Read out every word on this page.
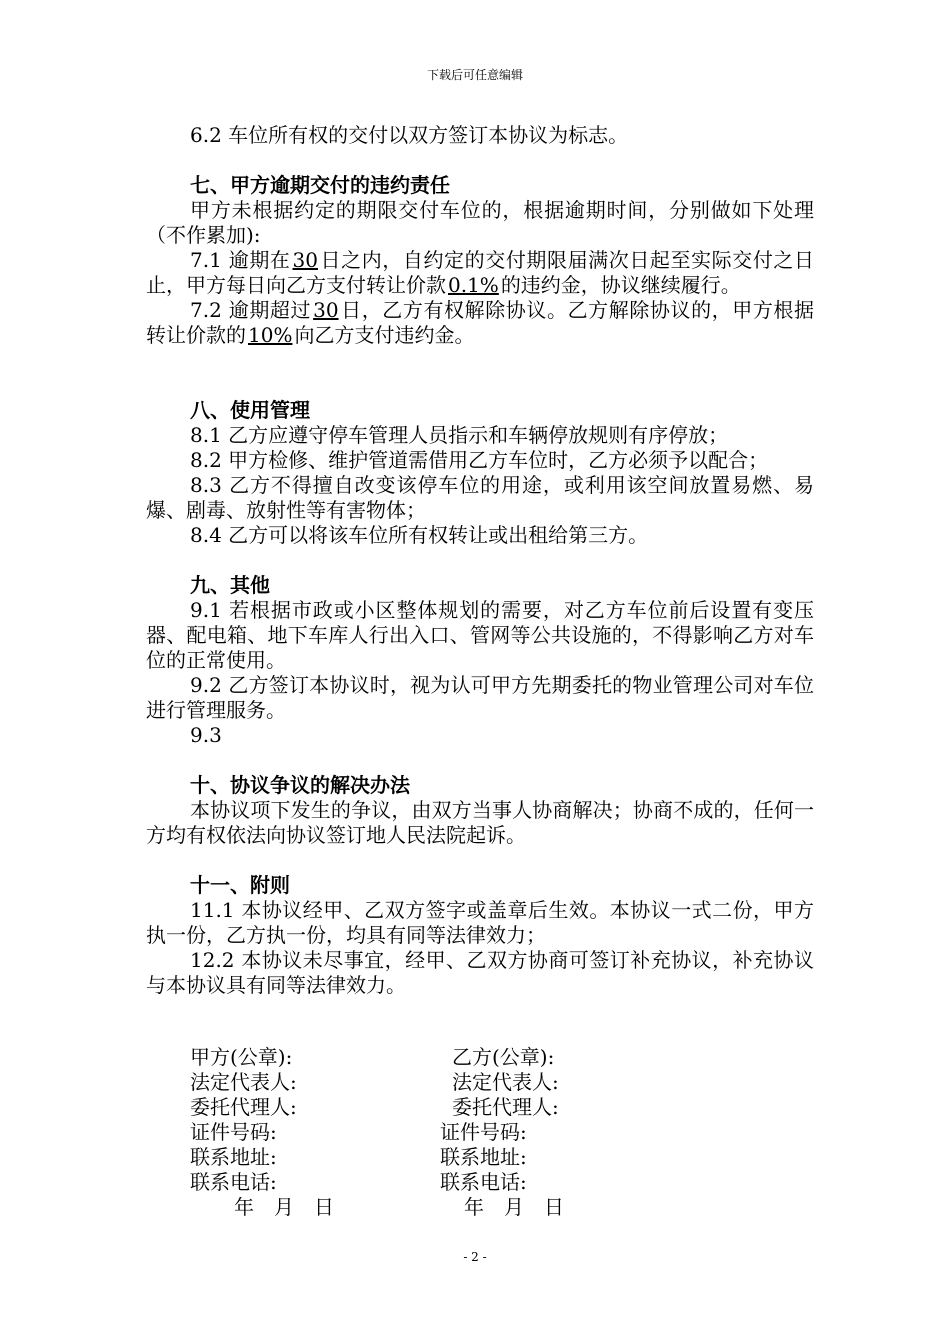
下载后可任意编辑

6.2 车位所有权的交付以双方签订本协议为标志。

七、甲方逾期交付的违约责任

甲方未根据约定的期限交付车位的，根据逾期时间，分别做如下处理（不作累加):

7.1 逾期在 30 日之内，自约定的交付期限届满次日起至实际交付之日止，甲方每日向乙方支付转让价款 0.1% 的违约金，协议继续履行。

7.2 逾期超过 30 日，乙方有权解除协议。乙方解除协议的，甲方根据转让价款的 10% 向乙方支付违约金。

八、使用管理

8.1 乙方应遵守停车管理人员指示和车辆停放规则有序停放；

8.2 甲方检修、维护管道需借用乙方车位时，乙方必须予以配合；

8.3 乙方不得擅自改变该停车位的用途，或利用该空间放置易燃、易爆、剧毒、放射性等有害物体；

8.4 乙方可以将该车位所有权转让或出租给第三方。

九、其他

9.1 若根据市政或小区整体规划的需要，对乙方车位前后设置有变压器、配电箱、地下车库人行出入口、管网等公共设施的，不得影响乙方对车位的正常使用。

9.2 乙方签订本协议时，视为认可甲方先期委托的物业管理公司对车位进行管理服务。

9.3

十、协议争议的解决办法

本协议项下发生的争议，由双方当事人协商解决；协商不成的，任何一方均有权依法向协议签订地人民法院起诉。

十一、附则

11.1 本协议经甲、乙双方签字或盖章后生效。本协议一式二份，甲方执一份，乙方执一份，均具有同等法律效力；

12.2 本协议未尽事宜，经甲、乙双方协商可签订补充协议，补充协议与本协议具有同等法律效力。

甲方(公章):	乙方(公章):
法定代表人:	法定代表人:
委托代理人:	委托代理人:
证件号码:	证件号码:
联系地址:	联系地址:
联系电话:	联系电话:
年　月　日	年　月　日
- 2 -
